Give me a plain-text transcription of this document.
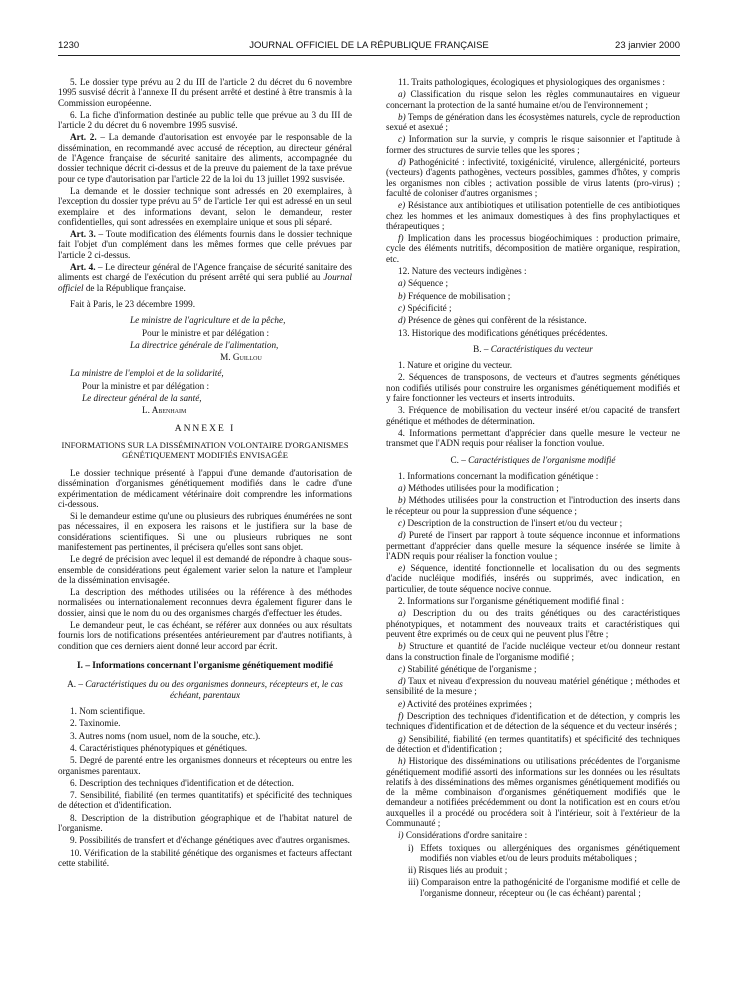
1230	JOURNAL OFFICIEL DE LA RÉPUBLIQUE FRANÇAISE	23 janvier 2000

5. Le dossier type prévu au 2 du III de l'article 2 du décret du 6 novembre 1995 susvisé décrit à l'annexe II du présent arrêté et destiné à être transmis à la Commission européenne.

6. La fiche d'information destinée au public telle que prévue au 3 du III de l'article 2 du décret du 6 novembre 1995 susvisé.

Art. 2. – La demande d'autorisation est envoyée par le responsable de la dissémination, en recommandé avec accusé de réception, au directeur général de l'Agence française de sécurité sanitaire des aliments, accompagnée du dossier technique décrit ci-dessus et de la preuve du paiement de la taxe prévue pour ce type d'autorisation par l'article 22 de la loi du 13 juillet 1992 susvisée.

La demande et le dossier technique sont adressés en 20 exemplaires, à l'exception du dossier type prévu au 5° de l'article 1er qui est adressé en un seul exemplaire et des informations devant, selon le demandeur, rester confidentielles, qui sont adressées en exemplaire unique et sous pli séparé.

Art. 3. – Toute modification des éléments fournis dans le dossier technique fait l'objet d'un complément dans les mêmes formes que celle prévues par l'article 2 ci-dessus.

Art. 4. – Le directeur général de l'Agence française de sécurité sanitaire des aliments est chargé de l'exécution du présent arrêté qui sera publié au Journal officiel de la République française.

Fait à Paris, le 23 décembre 1999.

Le ministre de l'agriculture et de la pêche,

Pour le ministre et par délégation :

La directrice générale de l'alimentation,

M. Guillou

La ministre de l'emploi et de la solidarité,

Pour la ministre et par délégation :

Le directeur général de la santé,

L. Abenhaim

ANNEXE I
INFORMATIONS SUR LA DISSÉMINATION VOLONTAIRE D'ORGANISMES GÉNÉTIQUEMENT MODIFIÉS ENVISAGÉE

Le dossier technique présenté à l'appui d'une demande d'autorisation de dissémination d'organismes génétiquement modifiés dans le cadre d'une expérimentation de médicament vétérinaire doit comprendre les informations ci-dessous.

Si le demandeur estime qu'une ou plusieurs des rubriques énumérées ne sont pas nécessaires, il en exposera les raisons et le justifiera sur la base de considérations scientifiques. Si une ou plusieurs rubriques ne sont manifestement pas pertinentes, il précisera qu'elles sont sans objet.

Le degré de précision avec lequel il est demandé de répondre à chaque sous-ensemble de considérations peut également varier selon la nature et l'ampleur de la dissémination envisagée.

La description des méthodes utilisées ou la référence à des méthodes normalisées ou internationalement reconnues devra également figurer dans le dossier, ainsi que le nom du ou des organismes chargés d'effectuer les études.

Le demandeur peut, le cas échéant, se référer aux données ou aux résultats fournis lors de notifications présentées antérieurement par d'autres notifiants, à condition que ces derniers aient donné leur accord par écrit.

I. – Informations concernant l'organisme génétiquement modifié
A. – Caractéristiques du ou des organismes donneurs, récepteurs et, le cas échéant, parentaux

1. Nom scientifique.

2. Taxinomie.

3. Autres noms (nom usuel, nom de la souche, etc.).

4. Caractéristiques phénotypiques et génétiques.

5. Degré de parenté entre les organismes donneurs et récepteurs ou entre les organismes parentaux.

6. Description des techniques d'identification et de détection.

7. Sensibilité, fiabilité (en termes quantitatifs) et spécificité des techniques de détection et d'identification.

8. Description de la distribution géographique et de l'habitat naturel de l'organisme.

9. Possibilités de transfert et d'échange génétiques avec d'autres organismes.

10. Vérification de la stabilité génétique des organismes et facteurs affectant cette stabilité.

11. Traits pathologiques, écologiques et physiologiques des organismes :

a) Classification du risque selon les règles communautaires en vigueur concernant la protection de la santé humaine et/ou de l'environnement ;

b) Temps de génération dans les écosystèmes naturels, cycle de reproduction sexué et asexué ;

c) Information sur la survie, y compris le risque saisonnier et l'aptitude à former des structures de survie telles que les spores ;

d) Pathogénicité : infectivité, toxigénicité, virulence, allergénicité, porteurs (vecteurs) d'agents pathogènes, vecteurs possibles, gammes d'hôtes, y compris les organismes non cibles ; activation possible de virus latents (pro-virus) ; faculté de coloniser d'autres organismes ;

e) Résistance aux antibiotiques et utilisation potentielle de ces antibiotiques chez les hommes et les animaux domestiques à des fins prophylactiques et thérapeutiques ;

f) Implication dans les processus biogéochimiques : production primaire, cycle des éléments nutritifs, décomposition de matière organique, respiration, etc.

12. Nature des vecteurs indigènes :

a) Séquence ;

b) Fréquence de mobilisation ;

c) Spécificité ;

d) Présence de gènes qui confèrent de la résistance.

13. Historique des modifications génétiques précédentes.

B. – Caractéristiques du vecteur

1. Nature et origine du vecteur.

2. Séquences de transposons, de vecteurs et d'autres segments génétiques non codifiés utilisés pour construire les organismes génétiquement modifiés et y faire fonctionner les vecteurs et inserts introduits.

3. Fréquence de mobilisation du vecteur inséré et/ou capacité de transfert génétique et méthodes de détermination.

4. Informations permettant d'apprécier dans quelle mesure le vecteur ne transmet que l'ADN requis pour réaliser la fonction voulue.

C. – Caractéristiques de l'organisme modifié

1. Informations concernant la modification génétique :

a) Méthodes utilisées pour la modification ;

b) Méthodes utilisées pour la construction et l'introduction des inserts dans le récepteur ou pour la suppression d'une séquence ;

c) Description de la construction de l'insert et/ou du vecteur ;

d) Pureté de l'insert par rapport à toute séquence inconnue et informations permettant d'apprécier dans quelle mesure la séquence insérée se limite à l'ADN requis pour réaliser la fonction voulue ;

e) Séquence, identité fonctionnelle et localisation du ou des segments d'acide nucléique modifiés, insérés ou supprimés, avec indication, en particulier, de toute séquence nocive connue.

2. Informations sur l'organisme génétiquement modifié final :

a) Description du ou des traits génétiques ou des caractéristiques phénotypiques, et notamment des nouveaux traits et caractéristiques qui peuvent être exprimés ou de ceux qui ne peuvent plus l'être ;

b) Structure et quantité de l'acide nucléique vecteur et/ou donneur restant dans la construction finale de l'organisme modifié ;

c) Stabilité génétique de l'organisme ;

d) Taux et niveau d'expression du nouveau matériel génétique ; méthodes et sensibilité de la mesure ;

e) Activité des protéines exprimées ;

f) Description des techniques d'identification et de détection, y compris les techniques d'identification et de détection de la séquence et du vecteur insérés ;

g) Sensibilité, fiabilité (en termes quantitatifs) et spécificité des techniques de détection et d'identification ;

h) Historique des disséminations ou utilisations précédentes de l'organisme génétiquement modifié assorti des informations sur les données ou les résultats relatifs à des disséminations des mêmes organismes génétiquement modifiés ou de la même combinaison d'organismes génétiquement modifiés que le demandeur a notifiées précédemment ou dont la notification est en cours et/ou auxquelles il a procédé ou procédera soit à l'intérieur, soit à l'extérieur de la Communauté ;

i) Considérations d'ordre sanitaire :

i) Effets toxiques ou allergéniques des organismes génétiquement modifiés non viables et/ou de leurs produits métaboliques ;

ii) Risques liés au produit ;

iii) Comparaison entre la pathogénicité de l'organisme modifié et celle de l'organisme donneur, récepteur ou (le cas échéant) parental ;
